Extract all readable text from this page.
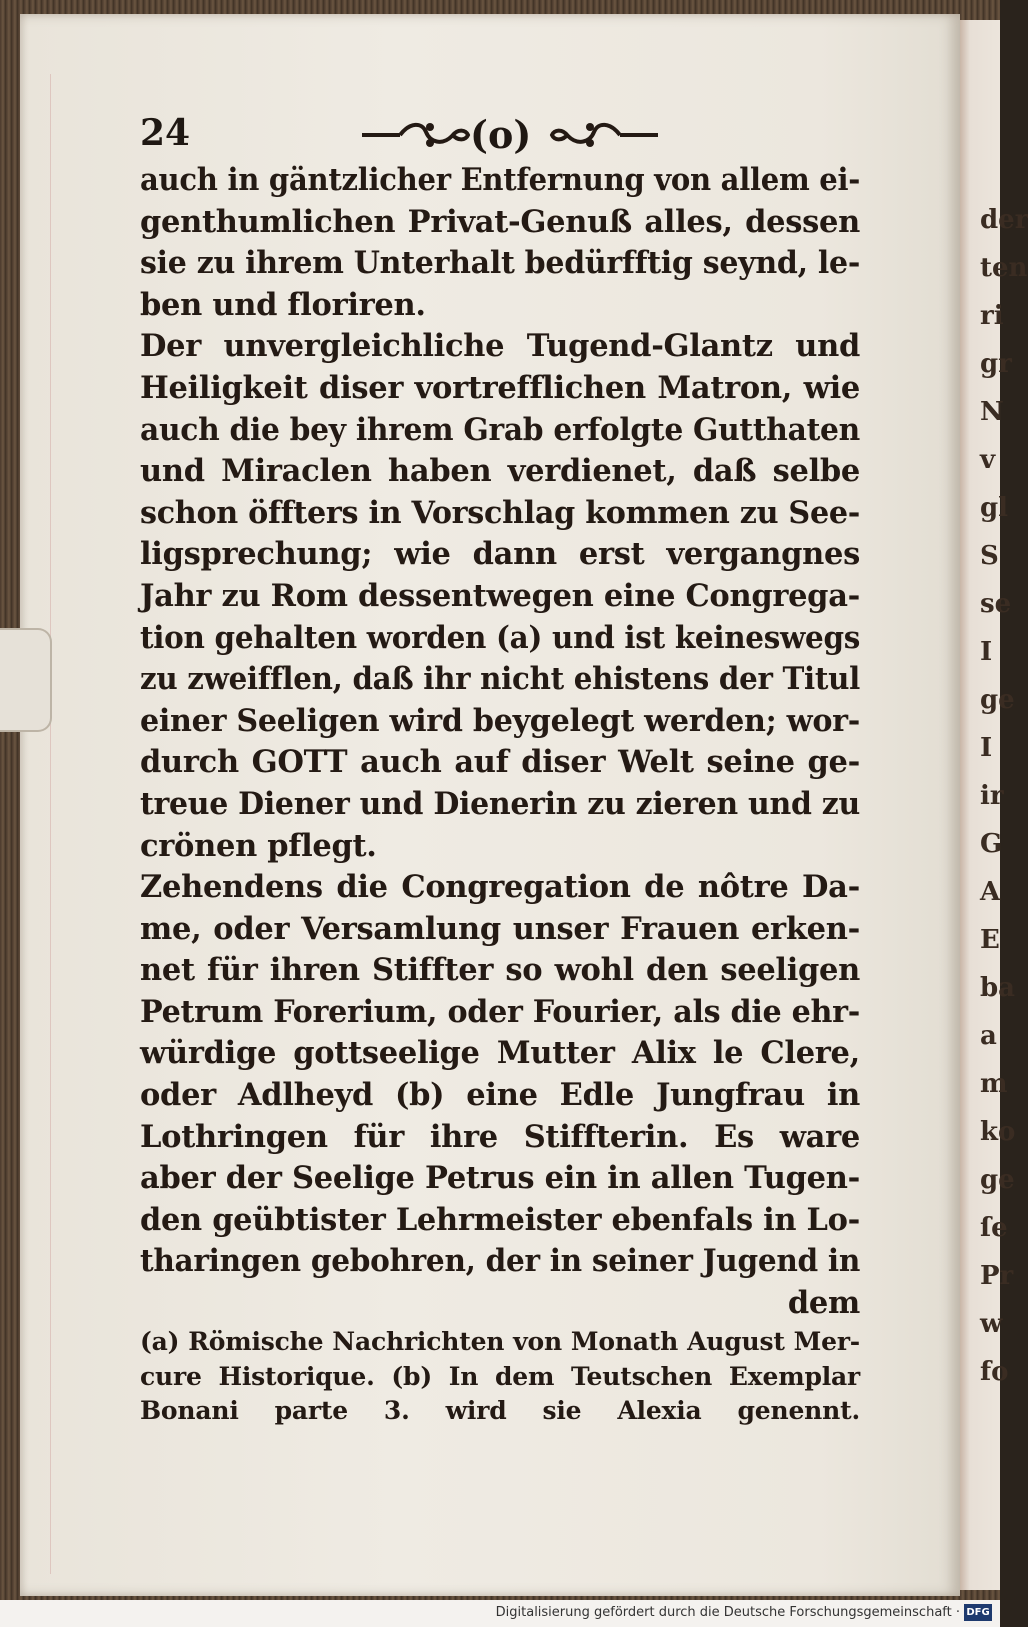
der
ten
ri
gr
N
v
gl
S
se
I
ge
I
ir
G
A
E
ba
a
m
ko
ge
ſe
Pr
w
fo
24	(o)
auch in gäntzlicher Entfernung von allem ei-
genthumlichen Privat-Genuß alles, dessen
sie zu ihrem Unterhalt bedürfftig seynd, le-
ben und floriren.
Der unvergleichliche Tugend-Glantz und
Heiligkeit diser vortrefflichen Matron, wie
auch die bey ihrem Grab erfolgte Gutthaten
und Miraclen haben verdienet, daß selbe
schon öffters in Vorschlag kommen zu See-
ligsprechung; wie dann erst vergangnes
Jahr zu Rom dessentwegen eine Congrega-
tion gehalten worden (a) und ist keineswegs
zu zweifflen, daß ihr nicht ehistens der Titul
einer Seeligen wird beygelegt werden; wor-
durch GOTT auch auf diser Welt seine ge-
treue Diener und Dienerin zu zieren und zu
crönen pflegt.
Zehendens die Congregation de nôtre Da-
me, oder Versamlung unser Frauen erken-
net für ihren Stiffter so wohl den seeligen
Petrum Forerium, oder Fourier, als die ehr-
würdige gottseelige Mutter Alix le Clere,
oder Adlheyd (b) eine Edle Jungfrau in
Lothringen für ihre Stiffterin. Es ware
aber der Seelige Petrus ein in allen Tugen-
den geübtister Lehrmeister ebenfals in Lo-
tharingen gebohren, der in seiner Jugend in
dem
(a) Römische Nachrichten von Monath August Mer-
cure Historique. (b) In dem Teutschen Exemplar
Bonani parte 3. wird sie Alexia genennt.
Digitalisierung gefördert durch die Deutsche Forschungsgemeinschaft · DFG
